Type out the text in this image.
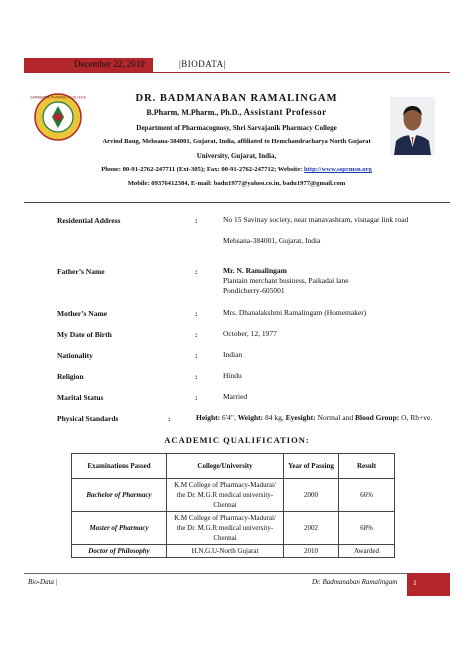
December 22, 2010	|BIODATA|
SARVAJANIK PHARMACY COLLEGE	DR. BADMANABAN RAMALINGAM
B.Pharm, M.Pharm., Ph.D., Assistant Professor
Department of Pharmacognosy, Shri Sarvajanik Pharmacy College
Arvind Baug, Mehsana-384001, Gujarat, India, affiliated to Hemchandracharya North Gujarat
University, Gujarat, India,
Phone: 00-91-2762-247711 (Ext-305); Fax: 00-91-2762-247712; Website: http://www.sspcmsn.org
Mobile: 09376412384, E-mail: badu1977@yahoo.co.in, badu1977@gmail.com
Residential Address	:	No 15 Savinay society, near manavashram, visnagar link road
Mehsana-384001, Gujarat, India
Father’s Name	:	Mr. N. Ramalingam
Plantain merchant business, Paikadai lane
Pondicherry-605001
Mother’s Name	:	Mrs. Dhanalakshmi Ramalingam (Homemaker)
My Date of Birth	:	October, 12, 1977
Nationality	:	Indian
Religion	:	Hindu
Marital Status	:	Married
Physical Standards	:	Height: 6'4", Weight: 84 kg, Eyesight: Normal and Blood Group: O, Rh+ve.
ACADEMIC QUALIFICATION:
Examinations Passed	College/University	Year of Passing	Result
Bachelor of Pharmacy	K.M College of Pharmacy-Madurai/
the Dr. M.G.R medical university-
Chennai	2000	66%
Master of Pharmacy	K.M College of Pharmacy-Madurai/
the Dr. M.G.R medical university-
Chennai	2002	68%
Doctor of Philosophy	H.N.G.U-North Gujarat	2010	Awarded
Bio-Data |	Dr. Badmanaban Ramalingam 1
